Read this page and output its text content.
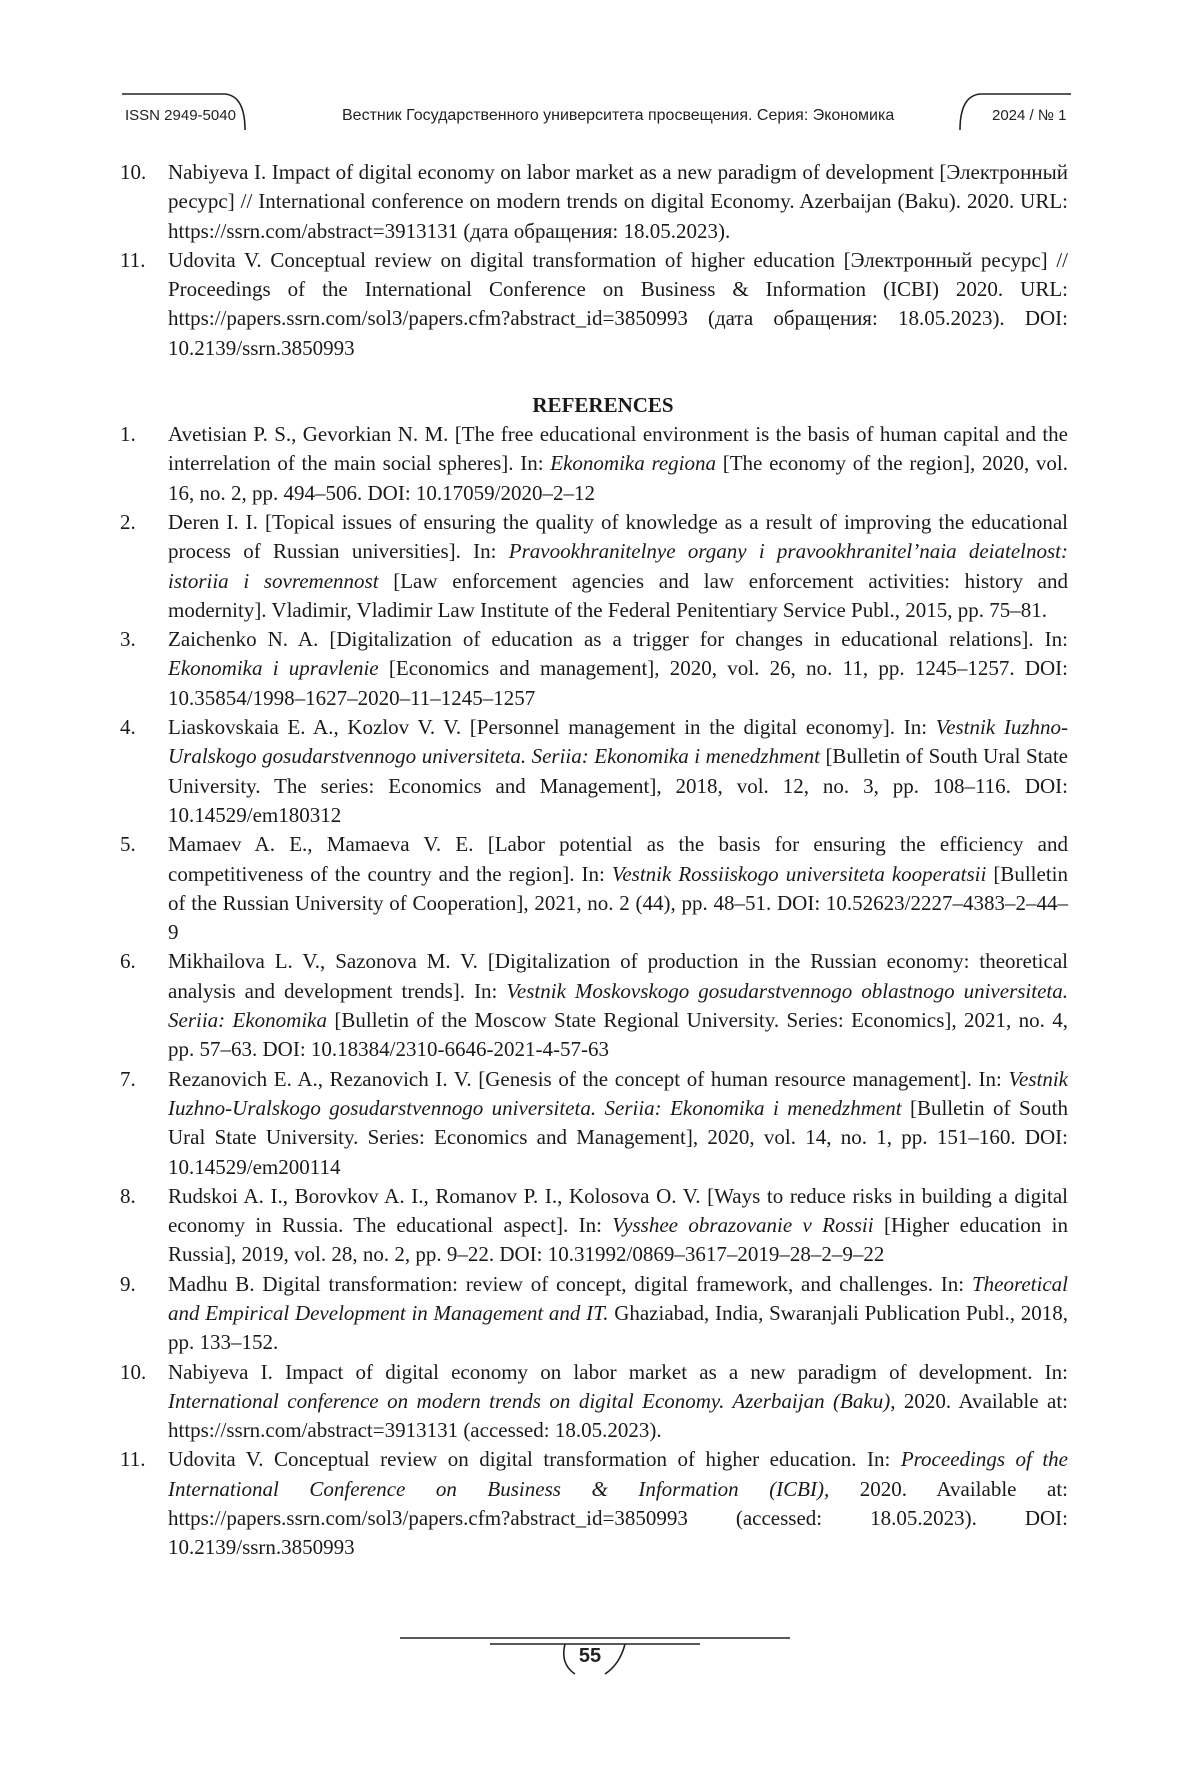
ISSN 2949-5040	Вестник Государственного университета просвещения. Серия: Экономика	2024 / № 1
10. Nabiyeva I. Impact of digital economy on labor market as a new paradigm of development [Электронный ресурс] // International conference on modern trends on digital Economy. Azerbaijan (Baku). 2020. URL: https://ssrn.com/abstract=3913131 (дата обращения: 18.05.2023).
11. Udovita V. Conceptual review on digital transformation of higher education [Электронный ресурс] // Proceedings of the International Conference on Business & Information (ICBI) 2020. URL: https://papers.ssrn.com/sol3/papers.cfm?abstract_id=3850993 (дата обращения: 18.05.2023). DOI: 10.2139/ssrn.3850993
REFERENCES
1. Avetisian P. S., Gevorkian N. M. [The free educational environment is the basis of human capital and the interrelation of the main social spheres]. In: Ekonomika regiona [The economy of the region], 2020, vol. 16, no. 2, pp. 494–506. DOI: 10.17059/2020–2–12
2. Deren I. I. [Topical issues of ensuring the quality of knowledge as a result of improving the educational process of Russian universities]. In: Pravookhranitelnye organy i pravookhranitel’naia deiatelnost: istoriia i sovremennost [Law enforcement agencies and law enforcement activities: history and modernity]. Vladimir, Vladimir Law Institute of the Federal Penitentiary Service Publ., 2015, pp. 75–81.
3. Zaichenko N. A. [Digitalization of education as a trigger for changes in educational relations]. In: Ekonomika i upravlenie [Economics and management], 2020, vol. 26, no. 11, pp. 1245–1257. DOI: 10.35854/1998–1627–2020–11–1245–1257
4. Liaskovskaia E. A., Kozlov V. V. [Personnel management in the digital economy]. In: Vestnik Iuzhno-Uralskogo gosudarstvennogo universiteta. Seriia: Ekonomika i menedzhment [Bulletin of South Ural State University. The series: Economics and Management], 2018, vol. 12, no. 3, pp. 108–116. DOI: 10.14529/em180312
5. Mamaev A. E., Mamaeva V. E. [Labor potential as the basis for ensuring the efficiency and competitiveness of the country and the region]. In: Vestnik Rossiiskogo universiteta kooperatsii [Bulletin of the Russian University of Cooperation], 2021, no. 2 (44), pp. 48–51. DOI: 10.52623/2227–4383–2–44–9
6. Mikhailova L. V., Sazonova M. V. [Digitalization of production in the Russian economy: theoretical analysis and development trends]. In: Vestnik Moskovskogo gosudarstvennogo oblastnogo universiteta. Seriia: Ekonomika [Bulletin of the Moscow State Regional University. Series: Economics], 2021, no. 4, pp. 57–63. DOI: 10.18384/2310-6646-2021-4-57-63
7. Rezanovich E. A., Rezanovich I. V. [Genesis of the concept of human resource management]. In: Vestnik Iuzhno-Uralskogo gosudarstvennogo universiteta. Seriia: Ekonomika i menedzhment [Bulletin of South Ural State University. Series: Economics and Management], 2020, vol. 14, no. 1, pp. 151–160. DOI: 10.14529/em200114
8. Rudskoi A. I., Borovkov A. I., Romanov P. I., Kolosova O. V. [Ways to reduce risks in building a digital economy in Russia. The educational aspect]. In: Vysshee obrazovanie v Rossii [Higher education in Russia], 2019, vol. 28, no. 2, pp. 9–22. DOI: 10.31992/0869–3617–2019–28–2–9–22
9. Madhu B. Digital transformation: review of concept, digital framework, and challenges. In: Theoretical and Empirical Development in Management and IT. Ghaziabad, India, Swaranjali Publication Publ., 2018, pp. 133–152.
10. Nabiyeva I. Impact of digital economy on labor market as a new paradigm of development. In: International conference on modern trends on digital Economy. Azerbaijan (Baku), 2020. Available at: https://ssrn.com/abstract=3913131 (accessed: 18.05.2023).
11. Udovita V. Conceptual review on digital transformation of higher education. In: Proceedings of the International Conference on Business & Information (ICBI), 2020. Available at: https://papers.ssrn.com/sol3/papers.cfm?abstract_id=3850993 (accessed: 18.05.2023). DOI: 10.2139/ssrn.3850993
55
